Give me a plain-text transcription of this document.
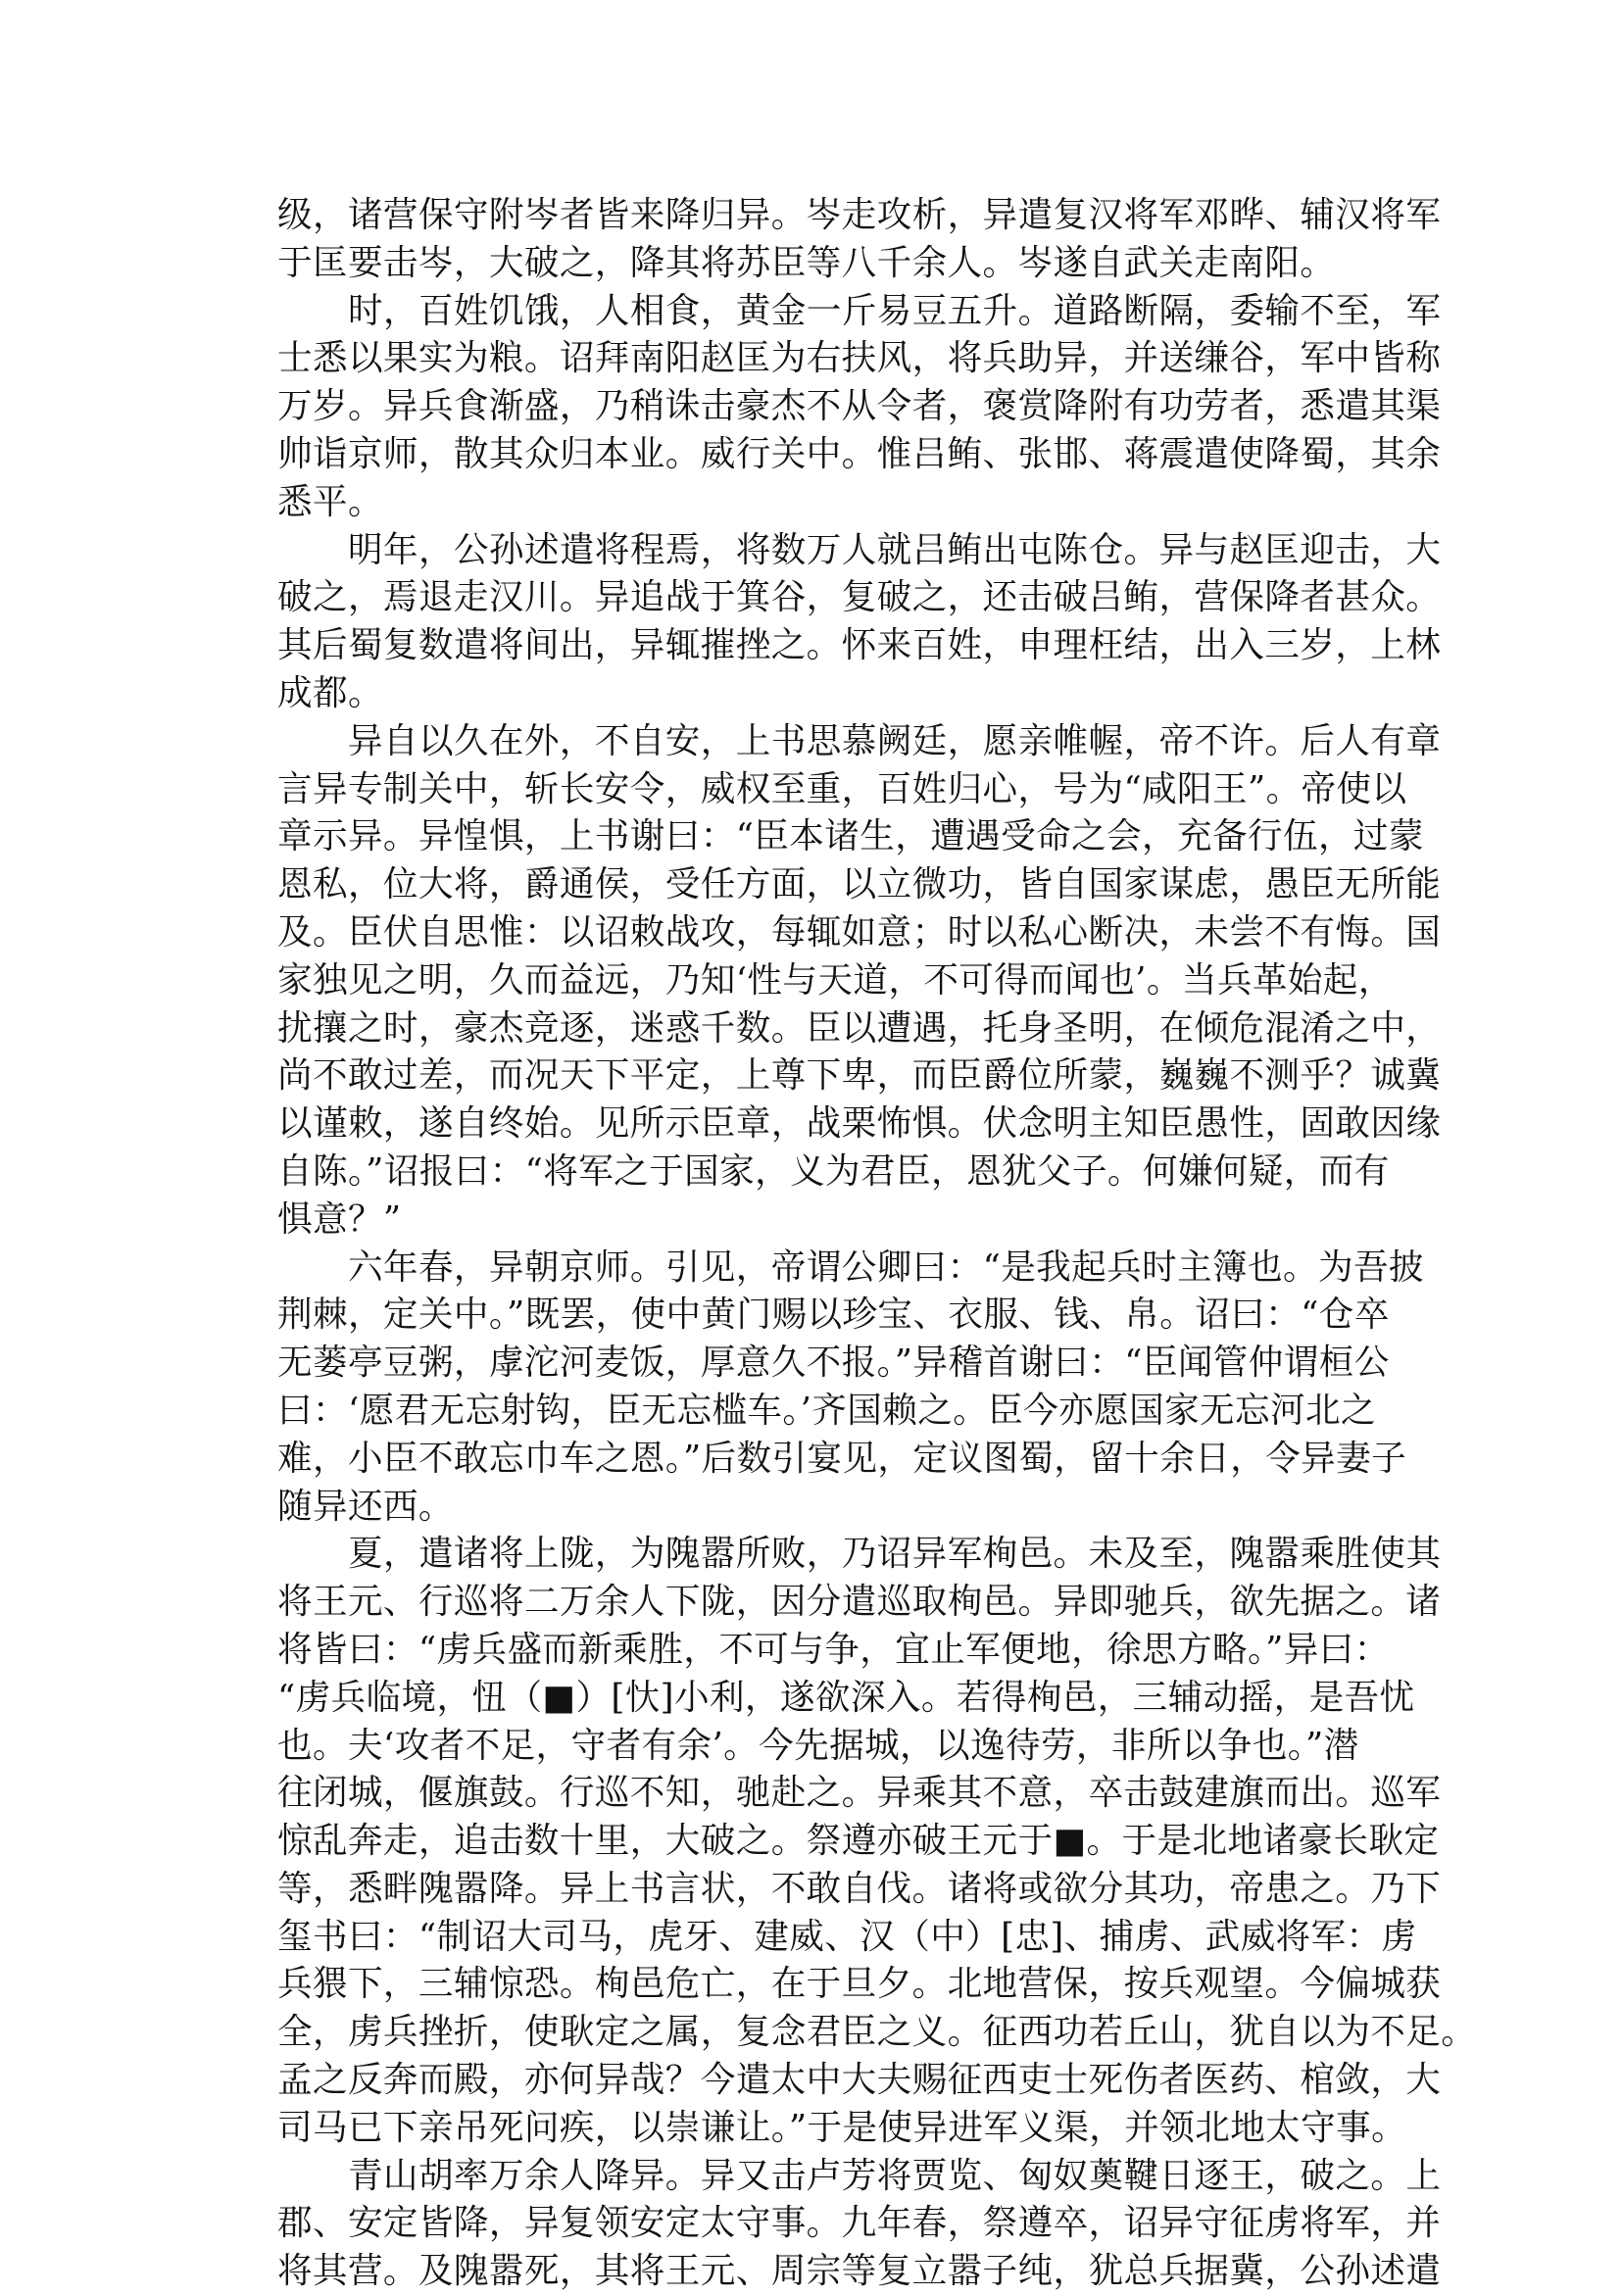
级，诸营保守附岑者皆来降归异。岑走攻析，异遣复汉将军邓晔、辅汉将军
于匡要击岑，大破之，降其将苏臣等八千余人。岑遂自武关走南阳。
时，百姓饥饿，人相食，黄金一斤易豆五升。道路断隔，委输不至，军
士悉以果实为粮。诏拜南阳赵匡为右扶风，将兵助异，并送缣谷，军中皆称
万岁。异兵食渐盛，乃稍诛击豪杰不从令者，褒赏降附有功劳者，悉遣其渠
帅诣京师，散其众归本业。威行关中。惟吕鲔、张邯、蒋震遣使降蜀，其余
悉平。
明年，公孙述遣将程焉，将数万人就吕鲔出屯陈仓。异与赵匡迎击，大
破之，焉退走汉川。异追战于箕谷，复破之，还击破吕鲔，营保降者甚众。
其后蜀复数遣将间出，异辄摧挫之。怀来百姓，申理枉结，出入三岁，上林
成都。
异自以久在外，不自安，上书思慕阙廷，愿亲帷幄，帝不许。后人有章
言异专制关中，斩长安令，威权至重，百姓归心，号为“咸阳王”。帝使以
章示异。异惶惧，上书谢曰：“臣本诸生，遭遇受命之会，充备行伍，过蒙
恩私，位大将，爵通侯，受任方面，以立微功，皆自国家谋虑，愚臣无所能
及。臣伏自思惟：以诏敕战攻，每辄如意；时以私心断决，未尝不有悔。国
家独见之明，久而益远，乃知‘性与天道，不可得而闻也’。当兵革始起，
扰攘之时，豪杰竞逐，迷惑千数。臣以遭遇，托身圣明，在倾危混淆之中，
尚不敢过差，而况天下平定，上尊下卑，而臣爵位所蒙，巍巍不测乎？诚冀
以谨敕，遂自终始。见所示臣章，战栗怖惧。伏念明主知臣愚性，固敢因缘
自陈。”诏报曰：“将军之于国家，义为君臣，恩犹父子。何嫌何疑，而有
惧意？”
六年春，异朝京师。引见，帝谓公卿曰：“是我起兵时主簿也。为吾披
荆棘，定关中。”既罢，使中黄门赐以珍宝、衣服、钱、帛。诏曰：“仓卒
无蒌亭豆粥，虖沱河麦饭，厚意久不报。”异稽首谢曰：“臣闻管仲谓桓公
曰：‘愿君无忘射钩，臣无忘槛车。’齐国赖之。臣今亦愿国家无忘河北之
难，小臣不敢忘巾车之恩。”后数引宴见，定议图蜀，留十余日，令异妻子
随异还西。
夏，遣诸将上陇，为隗嚣所败，乃诏异军栒邑。未及至，隗嚣乘胜使其
将王元、行巡将二万余人下陇，因分遣巡取栒邑。异即驰兵，欲先据之。诸
将皆曰：“虏兵盛而新乘胜，不可与争，宜止军便地，徐思方略。”异曰：
“虏兵临境，忸（■）[忕]小利，遂欲深入。若得栒邑，三辅动摇，是吾忧
也。夫‘攻者不足，守者有余’。今先据城，以逸待劳，非所以争也。”潜
往闭城，偃旗鼓。行巡不知，驰赴之。异乘其不意，卒击鼓建旗而出。巡军
惊乱奔走，追击数十里，大破之。祭遵亦破王元于■。于是北地诸豪长耿定
等，悉畔隗嚣降。异上书言状，不敢自伐。诸将或欲分其功，帝患之。乃下
玺书曰：“制诏大司马，虎牙、建威、汉（中）[忠]、捕虏、武威将军：虏
兵猥下，三辅惊恐。栒邑危亡，在于旦夕。北地营保，按兵观望。今偏城获
全，虏兵挫折，使耿定之属，复念君臣之义。征西功若丘山，犹自以为不足。
孟之反奔而殿，亦何异哉？今遣太中大夫赐征西吏士死伤者医药、棺敛，大
司马已下亲吊死问疾，以崇谦让。”于是使异进军义渠，并领北地太守事。
青山胡率万余人降异。异又击卢芳将贾览、匈奴薁鞬日逐王，破之。上
郡、安定皆降，异复领安定太守事。九年春，祭遵卒，诏异守征虏将军，并
将其营。及隗嚣死，其将王元、周宗等复立嚣子纯，犹总兵据冀，公孙述遣
